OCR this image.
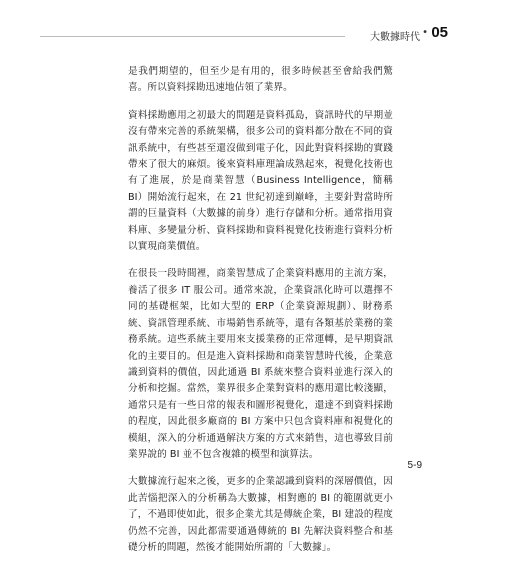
大數據時代 • 05

是我們期望的，但至少是有用的，很多時候甚至會給我們驚喜。所以資料採勘迅速地佔領了業界。

資料採勘應用之初最大的問題是資料孤島，資訊時代的早期並沒有帶來完善的系統架構，很多公司的資料都分散在不同的資訊系統中，有些甚至還沒做到電子化，因此對資料採勘的實踐帶來了很大的麻煩。後來資料庫理論成熟起來，視覺化技術也有了進展，於是商業智慧（Business Intelligence，簡稱 BI）開始流行起來，在 21 世紀初達到巔峰，主要針對當時所謂的巨量資料（大數據的前身）進行存儲和分析。通常指用資料庫、多變量分析、資料採勘和資料視覺化技術進行資料分析以實現商業價值。

在很長一段時間裡，商業智慧成了企業資料應用的主流方案，養活了很多 IT 服公司。通常來說，企業資訊化時可以選擇不同的基礎框架，比如大型的 ERP（企業資源規劃）、財務系統、資訊管理系統、市場銷售系統等，還有各類基於業務的業務系統。這些系統主要用來支援業務的正常運轉，是早期資訊化的主要目的。但是進入資料採勘和商業智慧時代後，企業意識到資料的價值，因此通過 BI 系統來整合資料並進行深入的分析和挖掘。當然，業界很多企業對資料的應用還比較淺顯，通常只是有一些日常的報表和圖形視覺化，還達不到資料採勘的程度，因此很多廠商的 BI 方案中只包含資料庫和視覺化的模組，深入的分析通過解決方案的方式來銷售，這也導致目前業界說的 BI 並不包含複雜的模型和演算法。

大數據流行起來之後，更多的企業認識到資料的深層價值，因此苦惱把深入的分析稱為大數據，相對應的 BI 的範圍就更小了，不過即使如此，很多企業尤其是傳統企業，BI 建設的程度仍然不完善，因此都需要通過傳統的 BI 先解決資料整合和基礎分析的問題，然後才能開始所謂的「大數據」。

5-9
